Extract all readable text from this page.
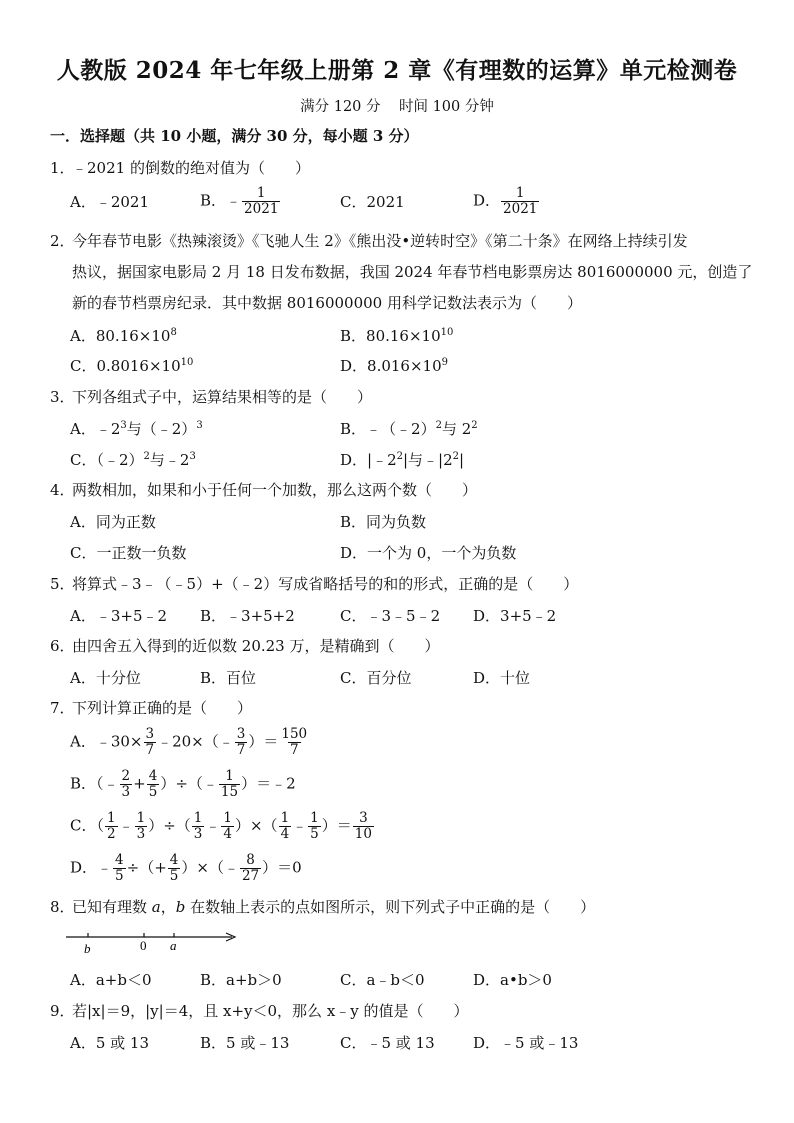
人教版 2024 年七年级上册第 2 章《有理数的运算》单元检测卷
满分 120 分    时间 100 分钟
一．选择题（共 10 小题，满分 30 分，每小题 3 分）
1．﹣2021 的倒数的绝对值为（　　）
A．﹣2021	B．﹣ $\frac{1}{2021}$	C．2021	D． $\frac{1}{2021}$
2．今年春节电影《热辣滚烫》《飞驰人生 2》《熊出没•逆转时空》《第二十条》在网络上持续引发
热议，据国家电影局 2 月 18 日发布数据，我国 2024 年春节档电影票房达 8016000000 元，创造了
新的春节档票房纪录．其中数据 8016000000 用科学记数法表示为（　　）
A．$80.16\times 10^8$	B．$80.16\times 10^{10}$
C．$0.8016\times 10^{10}$	D．$8.016\times 10^9$
3．下列各组式子中，运算结果相等的是（　　）
A．$﹣2^3$与（﹣2）$^3$	B．﹣（﹣2）$^2$与 $2^2$
C．（﹣2）$^2$与$﹣2^3$	D．$|﹣2^2|$与$﹣|2^2|$
4．两数相加，如果和小于任何一个加数，那么这两个数（　　）
A．同为正数	B．同为负数
C．一正数一负数	D．一个为 0，一个为负数
5．将算式﹣3﹣（﹣5）+（﹣2）写成省略括号的和的形式，正确的是（　　）
A．﹣3+5﹣2 B．﹣3+5+2	C．﹣3﹣5﹣2 D．3+5﹣2
6．由四舍五入得到的近似数 20.23 万，是精确到（　　）
A．十分位	B．百位	C．百分位	D．十位
7．下列计算正确的是（　　）
A．﹣30× $\frac{3}{7}$ ﹣20×（﹣ $\frac{3}{7}$ ）＝ $\frac{150}{7}$
B．（﹣ $\frac{2}{3} + \frac{4}{5}$ ）÷（﹣ $\frac{1}{15}$ ）＝﹣2
C．（ $\frac{1}{2}$ ﹣ $\frac{1}{3}$ ）÷（ $\frac{1}{3}$ ﹣ $\frac{1}{4}$ ）×（ $\frac{1}{4}$ ﹣ $\frac{1}{5}$ ）＝ $\frac{3}{10}$
D．﹣ $\frac{4}{5}$ ÷（+ $\frac{4}{5}$ ）×（﹣ $\frac{8}{27} )=0$
8．已知有理数 a，b 在数轴上表示的点如图所示，则下列式子中正确的是（　　）
b	0 a
A．a+b＜0	B．a+b＞0	C．a﹣b＜0	D．a•b＞0
9．若|x|＝9，|y|＝4，且 x+y＜0，那么 x﹣y 的值是（　　）
A．5 或 13	B．5 或﹣13	C．﹣5 或 13	D．﹣5 或﹣13
